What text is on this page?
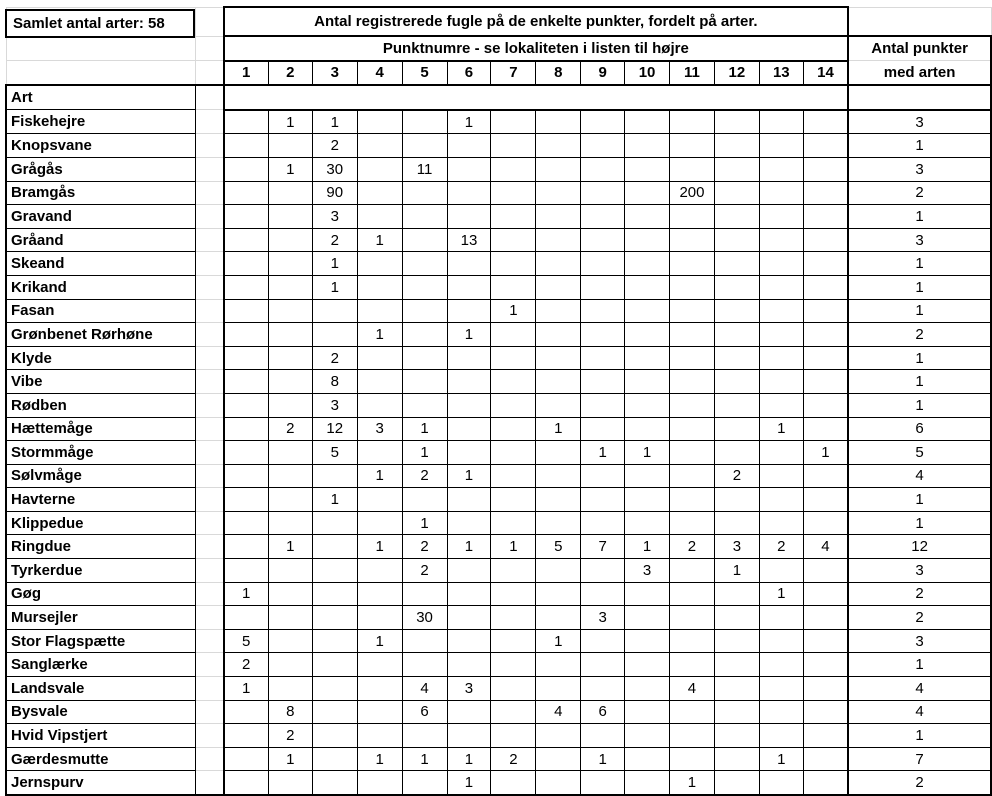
		Antal registrerede fugle på de enkelte punkter, fordelt på arter.														
		Punktnumre - se lokaliteten i listen til højre														Antal punkter
		1	2	3	4	5	6	7	8	9	10	11	12	13	14	med arten
Art																
Fiskehejre			1	1			1									3
Knopsvane				2												1
Grågås			1	30		11										3
Bramgås				90								200				2
Gravand				3												1
Gråand				2	1		13									3
Skeand				1												1
Krikand				1												1
Fasan								1								1
Grønbenet Rørhøne					1		1									2
Klyde				2												1
Vibe				8												1
Rødben				3												1
Hættemåge			2	12	3	1			1					1		6
Stormmåge				5		1				1	1				1	5
Sølvmåge					1	2	1						2			4
Havterne				1												1
Klippedue						1										1
Ringdue			1		1	2	1	1	5	7	1	2	3	2	4	12
Tyrkerdue						2					3		1			3
Gøg		1												1		2
Mursejler						30				3						2
Stor Flagspætte		5			1				1							3
Sanglærke		2														1
Landsvale		1				4	3					4				4
Bysvale			8			6			4	6						4
Hvid Vipstjert			2													1
Gærdesmutte			1		1	1	1	2		1				1		7
Jernspurv							1					1				2
Samlet antal arter: 58
